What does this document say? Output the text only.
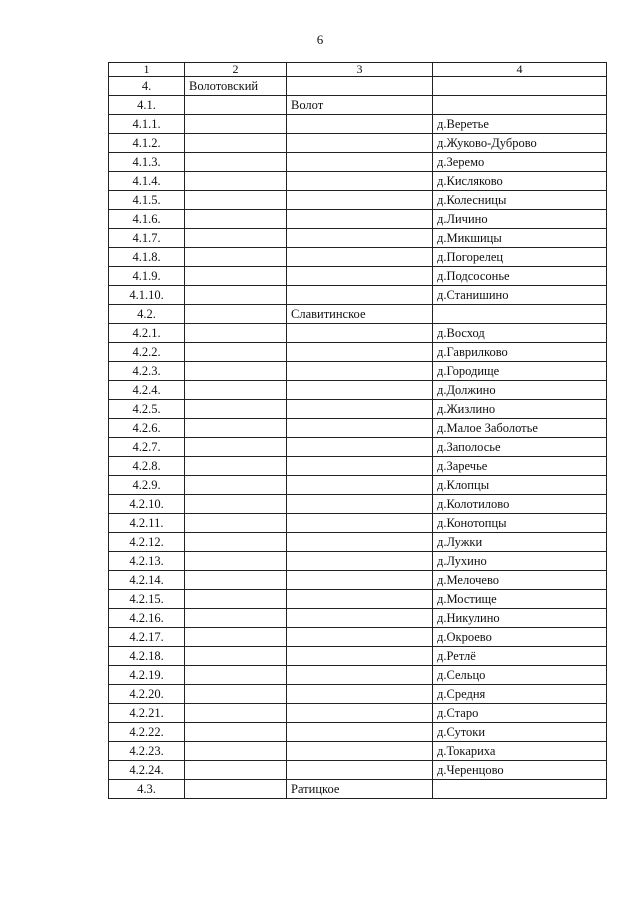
6
1	2	3	4
4.	Волотовский		
4.1.		Волот	
4.1.1.			д.Веретье
4.1.2.			д.Жуково-Дуброво
4.1.3.			д.Зеремо
4.1.4.			д.Кисляково
4.1.5.			д.Колесницы
4.1.6.			д.Личино
4.1.7.			д.Микшицы
4.1.8.			д.Погорелец
4.1.9.			д.Подсосонье
4.1.10.			д.Станишино
4.2.		Славитинское	
4.2.1.			д.Восход
4.2.2.			д.Гаврилково
4.2.3.			д.Городище
4.2.4.			д.Должино
4.2.5.			д.Жизлино
4.2.6.			д.Малое Заболотье
4.2.7.			д.Заполосье
4.2.8.			д.Заречье
4.2.9.			д.Клопцы
4.2.10.			д.Колотилово
4.2.11.			д.Конотопцы
4.2.12.			д.Лужки
4.2.13.			д.Лухино
4.2.14.			д.Мелочево
4.2.15.			д.Мостище
4.2.16.			д.Никулино
4.2.17.			д.Окроево
4.2.18.			д.Ретлё
4.2.19.			д.Сельцо
4.2.20.			д.Средня
4.2.21.			д.Старо
4.2.22.			д.Сутоки
4.2.23.			д.Токариха
4.2.24.			д.Черенцово
4.3.		Ратицкое	
